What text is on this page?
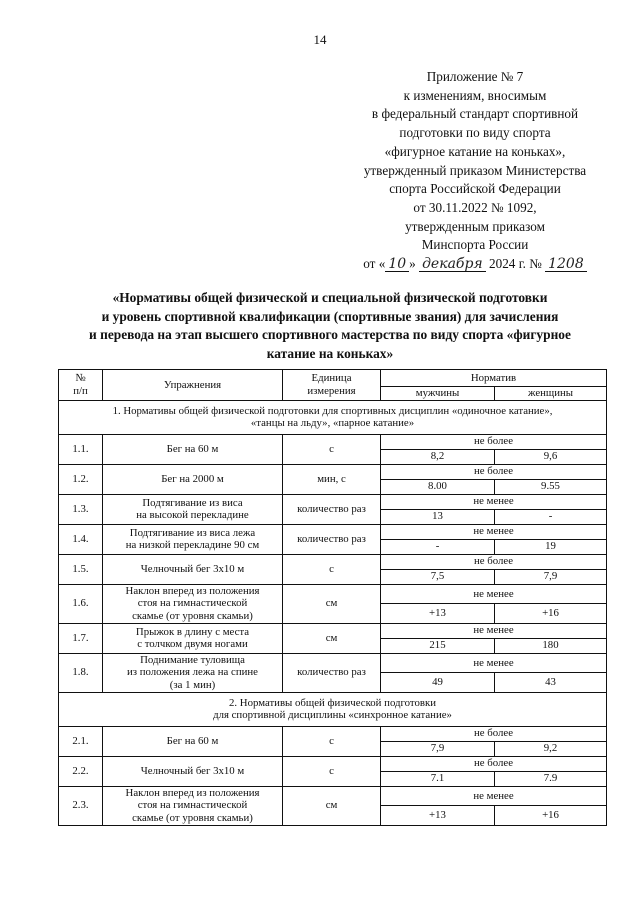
14
Приложение № 7
к изменениям, вносимым
в федеральный стандарт спортивной
подготовки по виду спорта
«фигурное катание на коньках»,
утвержденный приказом Министерства
спорта Российской Федерации
от 30.11.2022 № 1092,
утвержденным приказом
Минспорта России
от « 10 » декабря 2024 г. № 1208
«Нормативы общей физической и специальной физической подготовки
и уровень спортивной квалификации (спортивные звания) для зачисления
и перевода на этап высшего спортивного мастерства по виду спорта «фигурное
катание на коньках»
№
п/п	Упражнения	Единица
измерения	Норматив	
			мужчины	женщины

1. Нормативы общей физической подготовки для спортивных дисциплин «одиночное катание»,
«танцы на льду», «парное катание»				

1.1.	Бег на 60 м	с	не более	
			8,2	9,6
1.2.	Бег на 2000 м	мин, с	не более	
			8.00	9.55
1.3.	Подтягивание из виса
на высокой перекладине	количество раз	не менее	
			13	-
1.4.	Подтягивание из виса лежа
на низкой перекладине 90 см	количество раз	не менее	
			-	19
1.5.	Челночный бег 3х10 м	с	не более	
			7,5	7,9
1.6.	Наклон вперед из положения
стоя на гимнастической
скамье (от уровня скамьи)	см	не менее	
			+13	+16
1.7.	Прыжок в длину с места
с толчком двумя ногами	см	не менее	
			215	180
1.8.	Поднимание туловища
из положения лежа на спине
(за 1 мин)	количество раз	не менее	
			49	43

2. Нормативы общей физической подготовки
для спортивной дисциплины «синхронное катание»				

2.1.	Бег на 60 м	с	не более	
			7,9	9,2
2.2.	Челночный бег 3х10 м	с	не более	
			7.1	7.9
2.3.	Наклон вперед из положения
стоя на гимнастической
скамье (от уровня скамьи)	см	не менее	
			+13	+16
